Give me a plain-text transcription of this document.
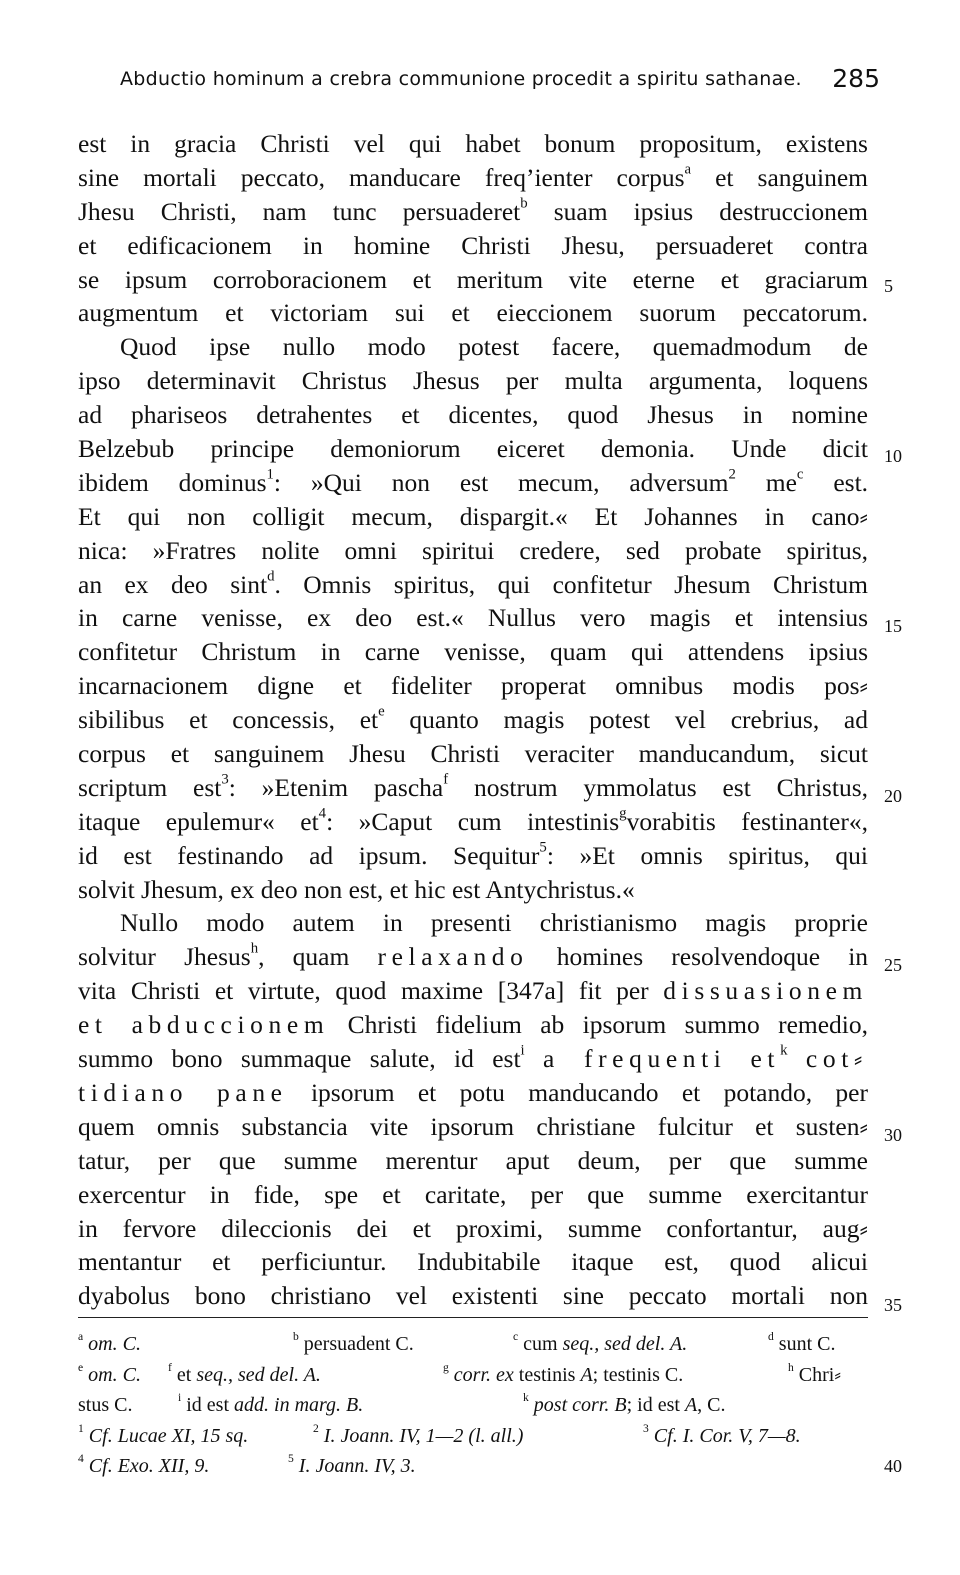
Abductio hominum a crebra communione procedit a spiritu sathanae. 285
est in gracia Christi vel qui habet bonum propositum, existens
sine mortali peccato, manducare freq’ienter corpus$^a$ et sanguinem
Jhesu Christi, nam tunc persuaderet$^b$ suam ipsius destruccionem
et edificacionem in homine Christi Jhesu, persuaderet contra
se ipsum corroboracionem et meritum vite eterne et graciarum
augmentum et victoriam sui et eieccionem suorum peccatorum.
Quod ipse nullo modo potest facere, quemadmodum de
ipso determinavit Christus Jhesus per multa argumenta, loquens
ad phariseos detrahentes et dicentes, quod Jhesus in nomine
Belzebub principe demoniorum eiceret demonia. Unde dicit
ibidem dominus$^1$: »Qui non est mecum, adversum$^2$ $me^c$ est.
Et qui non colligit mecum, dispargit.« Et Johannes in cano⸗
nica: »Fratres nolite omni spiritui credere, sed probate spiritus,
an ex deo sint$^d$. Omnis spiritus, qui confitetur Jhesum Christum
in carne venisse, ex deo est.« Nullus vero magis et intensius
confitetur Christum in carne venisse, quam qui attendens ipsius
incarnacionem digne et fideliter properat omnibus modis pos⸗
sibilibus et concessis, $et^e$ quanto magis potest vel crebrius, ad
corpus et sanguinem Jhesu Christi veraciter manducandum, sicut
scriptum est$^3$: »Etenim pascha$^f$ nostrum ymmolatus est Christus,
itaque epulemur« $et^4$: »Caput cum intestinis$^g$vorabitis festinanter«,
id est festinando ad ipsum. Sequitur$^5$: »Et omnis spiritus, qui
solvit Jhesum, ex deo non est, et hic est Antychristus.«
Nullo modo autem in presenti christianismo magis proprie
solvitur Jhesus$^h$, quam relaxando homines resolvendoque in
vita Christi et virtute, quod maxime [347a] fit per dissuasionem
et abduccionem Christi fidelium ab ipsorum summo remedio,
summo bono summaque salute, id est$^i$ a frequenti $et^k$ cot⸗
tidiano pane ipsorum et potu manducando et potando, per
quem omnis substancia vite ipsorum christiane fulcitur et susten⸗
tatur, per que summe merentur aput deum, per que summe
exercentur in fide, spe et caritate, per que summe exercitantur
in fervore dileccionis dei et proximi, summe confortantur, aug⸗
mentantur et perficiuntur. Indubitabile itaque est, quod alicui
dyabolus bono christiano vel existenti sine peccato mortali non
5
10
15
20
25
30
35
$^a$ om. C.	$^b$ persuadent C.	$^c$ cum seq., sed del. A.	$^d$ sunt C.
$^e$ om. C. $^f$ et seq., sed del. A.	$^g$ corr. ex testinis A; testinis C.	$^h$ Chri⸗
stus C.	$^i$ id est add. in marg. B.	$^k$ post corr. B; id est A, C.
$^1$ Cf. Lucae XI, 15 sq.	$^2$ I. Joann. IV, 1—2 (l. all.)	$^3$ Cf. I. Cor. V, 7—8.
$^4$ Cf. Exo. XII, 9.	$^5$ I. Joann. IV, 3.	40
